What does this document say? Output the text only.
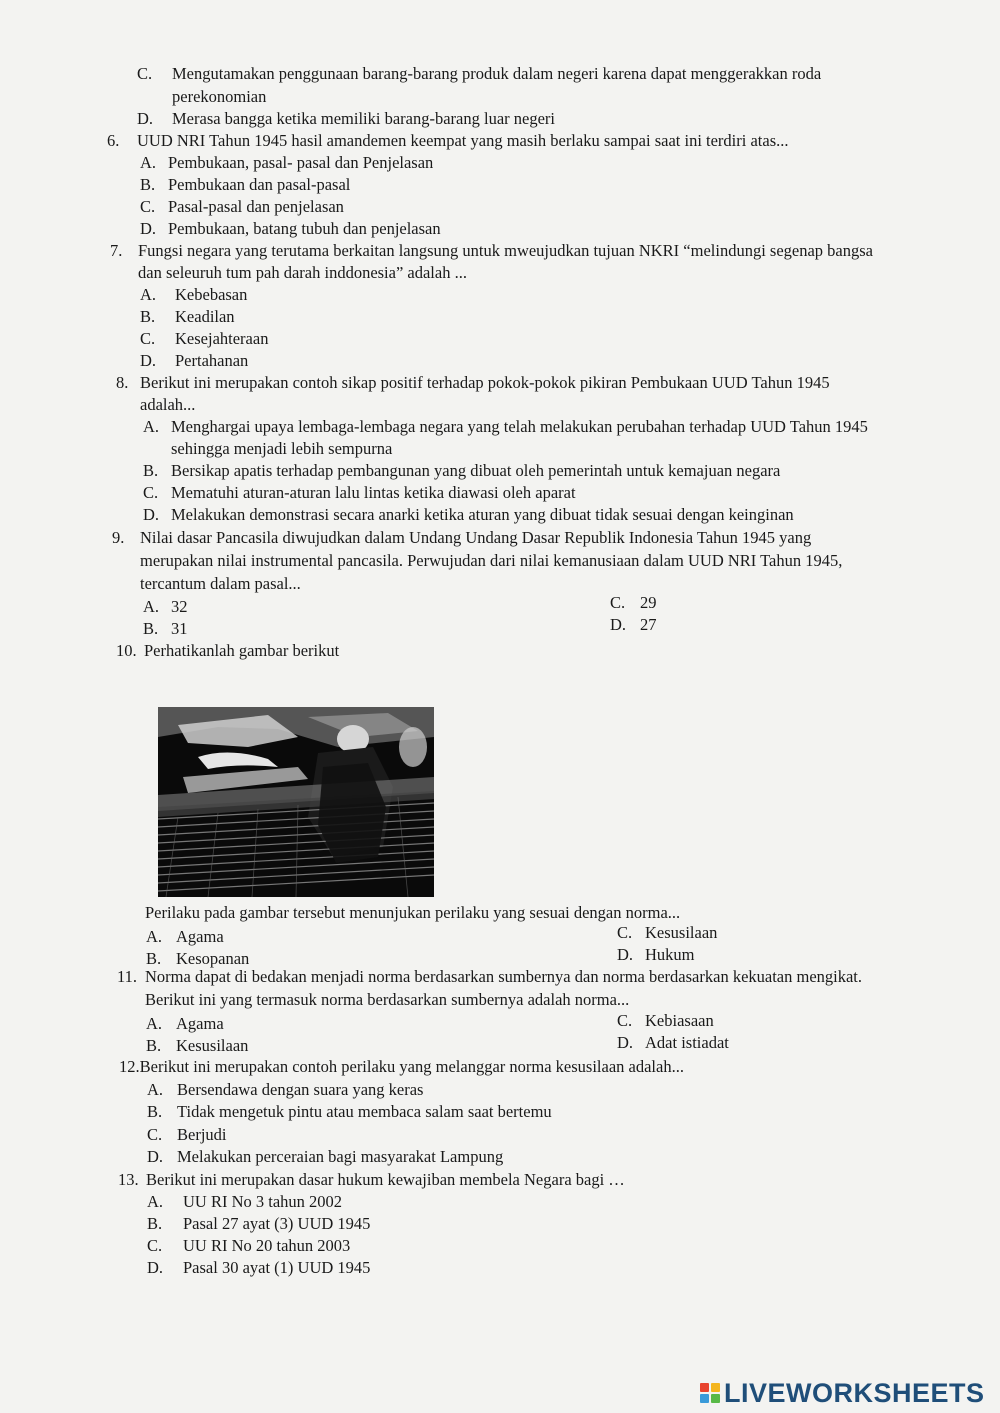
C. Mengutamakan penggunaan barang-barang produk dalam negeri karena dapat menggerakkan roda
perekonomian
D. Merasa bangga ketika memiliki barang-barang luar negeri
6. UUD NRI Tahun 1945 hasil amandemen keempat yang masih berlaku sampai saat ini terdiri atas...
A. Pembukaan, pasal- pasal dan Penjelasan
B. Pembukaan dan pasal-pasal
C. Pasal-pasal dan penjelasan
D. Pembukaan, batang tubuh dan penjelasan
7. Fungsi negara yang terutama berkaitan langsung untuk mweujudkan tujuan NKRI “melindungi segenap bangsa
dan seleuruh tum pah darah inddonesia” adalah ...
A. Kebebasan
B. Keadilan
C. Kesejahteraan
D. Pertahanan
8. Berikut ini merupakan contoh sikap positif terhadap pokok-pokok pikiran Pembukaan UUD Tahun 1945
adalah...
A. Menghargai upaya lembaga-lembaga negara yang telah melakukan perubahan terhadap UUD Tahun 1945
sehingga menjadi lebih sempurna
B. Bersikap apatis terhadap pembangunan yang dibuat oleh pemerintah untuk kemajuan negara
C. Mematuhi aturan-aturan lalu lintas ketika diawasi oleh aparat
D. Melakukan demonstrasi secara anarki ketika aturan yang dibuat tidak sesuai dengan keinginan
9. Nilai dasar Pancasila diwujudkan dalam Undang Undang Dasar Republik Indonesia Tahun 1945 yang
merupakan nilai instrumental pancasila. Perwujudan dari nilai kemanusiaan dalam UUD NRI Tahun 1945,
tercantum dalam pasal...
A. 32
B. 31
C. 29
D. 27
10. Perhatikanlah gambar berikut
Perilaku pada gambar tersebut menunjukan perilaku yang sesuai dengan norma...
A. Agama
B. Kesopanan
C. Kesusilaan
D. Hukum
11. Norma dapat di bedakan menjadi norma berdasarkan sumbernya dan norma berdasarkan kekuatan mengikat.
Berikut ini yang termasuk norma berdasarkan sumbernya adalah norma...
A. Agama
B. Kesusilaan
C. Kebiasaan
D. Adat istiadat
12.Berikut ini merupakan contoh perilaku yang melanggar norma kesusilaan adalah...
A. Bersendawa dengan suara yang keras
B. Tidak mengetuk pintu atau membaca salam saat bertemu
C. Berjudi
D. Melakukan perceraian bagi masyarakat Lampung
13. Berikut ini merupakan dasar hukum kewajiban membela Negara bagi …
A. UU RI No 3 tahun 2002
B. Pasal 27 ayat (3) UUD 1945
C. UU RI No 20 tahun 2003
D. Pasal 30 ayat (1) UUD 1945
LIVEWORKSHEETS
